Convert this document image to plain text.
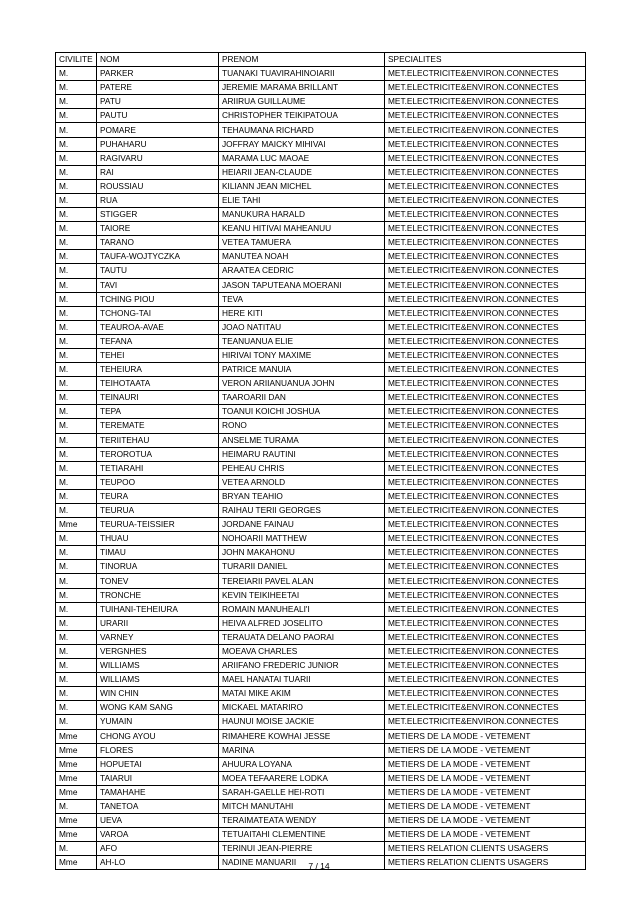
CIVILITE	NOM	PRENOM	SPECIALITES
M.	PARKER	TUANAKI TUAVIRAHINOIARII	MET.ELECTRICITE&ENVIRON.CONNECTES
M.	PATERE	JEREMIE MARAMA BRILLANT	MET.ELECTRICITE&ENVIRON.CONNECTES
M.	PATU	ARIIRUA GUILLAUME	MET.ELECTRICITE&ENVIRON.CONNECTES
M.	PAUTU	CHRISTOPHER TEIKIPATOUA	MET.ELECTRICITE&ENVIRON.CONNECTES
M.	POMARE	TEHAUMANA RICHARD	MET.ELECTRICITE&ENVIRON.CONNECTES
M.	PUHAHARU	JOFFRAY MAICKY MIHIVAI	MET.ELECTRICITE&ENVIRON.CONNECTES
M.	RAGIVARU	MARAMA LUC MAOAE	MET.ELECTRICITE&ENVIRON.CONNECTES
M.	RAI	HEIARII JEAN-CLAUDE	MET.ELECTRICITE&ENVIRON.CONNECTES
M.	ROUSSIAU	KILIANN JEAN MICHEL	MET.ELECTRICITE&ENVIRON.CONNECTES
M.	RUA	ELIE TAHI	MET.ELECTRICITE&ENVIRON.CONNECTES
M.	STIGGER	MANUKURA HARALD	MET.ELECTRICITE&ENVIRON.CONNECTES
M.	TAIORE	KEANU HITIVAI MAHEANUU	MET.ELECTRICITE&ENVIRON.CONNECTES
M.	TARANO	VETEA TAMUERA	MET.ELECTRICITE&ENVIRON.CONNECTES
M.	TAUFA-WOJTYCZKA	MANUTEA NOAH	MET.ELECTRICITE&ENVIRON.CONNECTES
M.	TAUTU	ARAATEA CEDRIC	MET.ELECTRICITE&ENVIRON.CONNECTES
M.	TAVI	JASON TAPUTEANA MOERANI	MET.ELECTRICITE&ENVIRON.CONNECTES
M.	TCHING PIOU	TEVA	MET.ELECTRICITE&ENVIRON.CONNECTES
M.	TCHONG-TAI	HERE KITI	MET.ELECTRICITE&ENVIRON.CONNECTES
M.	TEAUROA-AVAE	JOAO NATITAU	MET.ELECTRICITE&ENVIRON.CONNECTES
M.	TEFANA	TEANUANUA ELIE	MET.ELECTRICITE&ENVIRON.CONNECTES
M.	TEHEI	HIRIVAI TONY MAXIME	MET.ELECTRICITE&ENVIRON.CONNECTES
M.	TEHEIURA	PATRICE MANUIA	MET.ELECTRICITE&ENVIRON.CONNECTES
M.	TEIHOTAATA	VERON ARIIANUANUA JOHN	MET.ELECTRICITE&ENVIRON.CONNECTES
M.	TEINAURI	TAAROARII DAN	MET.ELECTRICITE&ENVIRON.CONNECTES
M.	TEPA	TOANUI KOICHI JOSHUA	MET.ELECTRICITE&ENVIRON.CONNECTES
M.	TEREMATE	RONO	MET.ELECTRICITE&ENVIRON.CONNECTES
M.	TERIITEHAU	ANSELME TURAMA	MET.ELECTRICITE&ENVIRON.CONNECTES
M.	TEROROTUA	HEIMARU RAUTINI	MET.ELECTRICITE&ENVIRON.CONNECTES
M.	TETIARAHI	PEHEAU CHRIS	MET.ELECTRICITE&ENVIRON.CONNECTES
M.	TEUPOO	VETEA ARNOLD	MET.ELECTRICITE&ENVIRON.CONNECTES
M.	TEURA	BRYAN TEAHIO	MET.ELECTRICITE&ENVIRON.CONNECTES
M.	TEURUA	RAIHAU TERII GEORGES	MET.ELECTRICITE&ENVIRON.CONNECTES
Mme	TEURUA-TEISSIER	JORDANE FAINAU	MET.ELECTRICITE&ENVIRON.CONNECTES
M.	THUAU	NOHOARII MATTHEW	MET.ELECTRICITE&ENVIRON.CONNECTES
M.	TIMAU	JOHN MAKAHONU	MET.ELECTRICITE&ENVIRON.CONNECTES
M.	TINORUA	TURARII DANIEL	MET.ELECTRICITE&ENVIRON.CONNECTES
M.	TONEV	TEREIARII PAVEL ALAN	MET.ELECTRICITE&ENVIRON.CONNECTES
M.	TRONCHE	KEVIN TEIKIHEETAI	MET.ELECTRICITE&ENVIRON.CONNECTES
M.	TUIHANI-TEHEIURA	ROMAIN MANUHEALI'I	MET.ELECTRICITE&ENVIRON.CONNECTES
M.	URARII	HEIVA ALFRED JOSELITO	MET.ELECTRICITE&ENVIRON.CONNECTES
M.	VARNEY	TERAUATA DELANO PAORAI	MET.ELECTRICITE&ENVIRON.CONNECTES
M.	VERGNHES	MOEAVA CHARLES	MET.ELECTRICITE&ENVIRON.CONNECTES
M.	WILLIAMS	ARIIFANO FREDERIC JUNIOR	MET.ELECTRICITE&ENVIRON.CONNECTES
M.	WILLIAMS	MAEL HANATAI TUARII	MET.ELECTRICITE&ENVIRON.CONNECTES
M.	WIN CHIN	MATAI MIKE AKIM	MET.ELECTRICITE&ENVIRON.CONNECTES
M.	WONG KAM SANG	MICKAEL MATARIRO	MET.ELECTRICITE&ENVIRON.CONNECTES
M.	YUMAIN	HAUNUI MOISE JACKIE	MET.ELECTRICITE&ENVIRON.CONNECTES
Mme	CHONG AYOU	RIMAHERE KOWHAI JESSE	METIERS DE LA MODE - VETEMENT
Mme	FLORES	MARINA	METIERS DE LA MODE - VETEMENT
Mme	HOPUETAI	AHUURA LOYANA	METIERS DE LA MODE - VETEMENT
Mme	TAIARUI	MOEA TEFAARERE LODKA	METIERS DE LA MODE - VETEMENT
Mme	TAMAHAHE	SARAH-GAELLE HEI-ROTI	METIERS DE LA MODE - VETEMENT
M.	TANETOA	MITCH MANUTAHI	METIERS DE LA MODE - VETEMENT
Mme	UEVA	TERAIMATEATA WENDY	METIERS DE LA MODE - VETEMENT
Mme	VAROA	TETUAITAHI CLEMENTINE	METIERS DE LA MODE - VETEMENT
M.	AFO	TERINUI JEAN-PIERRE	METIERS RELATION CLIENTS USAGERS
Mme	AH-LO	NADINE MANUARII	METIERS RELATION CLIENTS USAGERS
7 / 14
